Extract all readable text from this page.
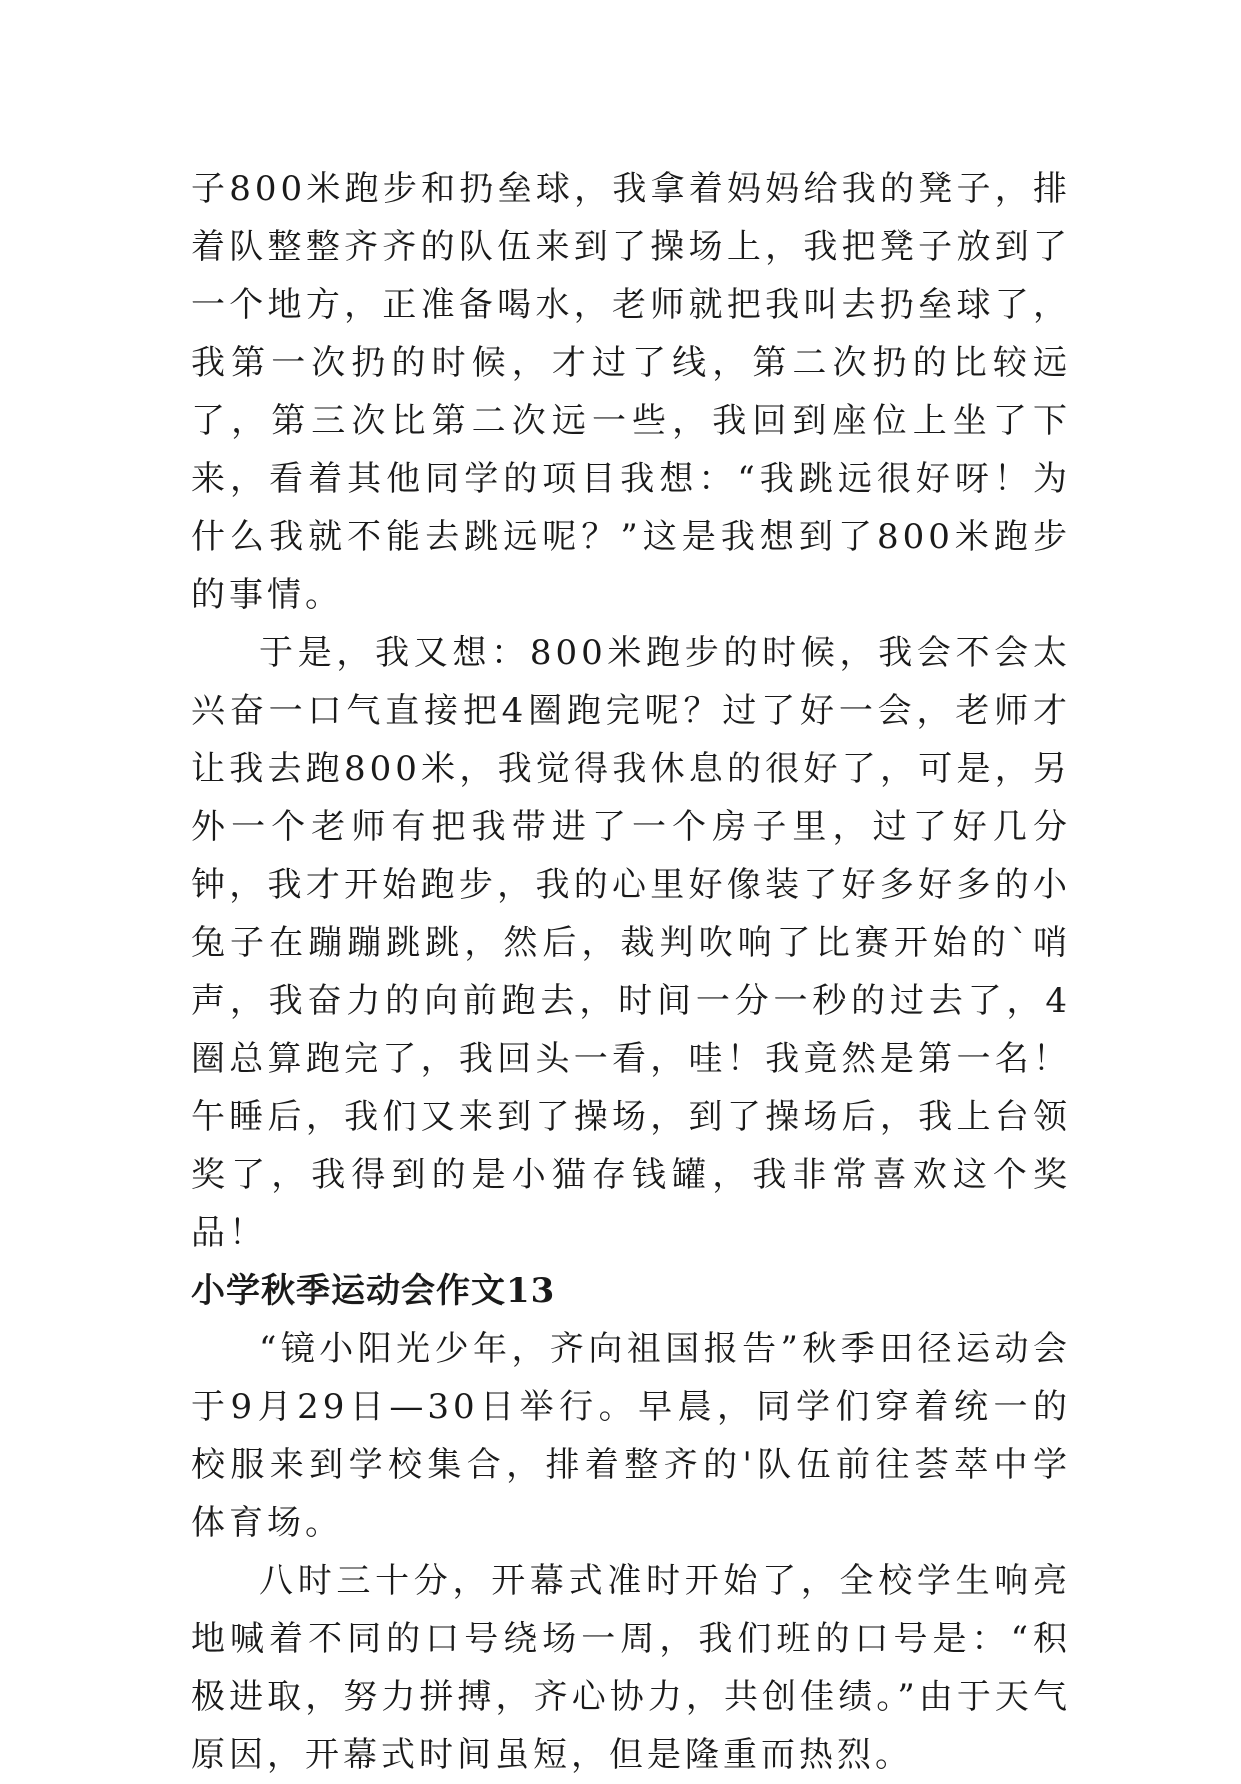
子800米跑步和扔垒球，我拿着妈妈给我的凳子，排着队整整齐齐的队伍来到了操场上，我把凳子放到了一个地方，正准备喝水，老师就把我叫去扔垒球了，我第一次扔的时候，才过了线，第二次扔的比较远了，第三次比第二次远一些，我回到座位上坐了下来，看着其他同学的项目我想：“我跳远很好呀！为什么我就不能去跳远呢？”这是我想到了800米跑步的事情。

于是，我又想：800米跑步的时候，我会不会太兴奋一口气直接把4圈跑完呢？过了好一会，老师才让我去跑800米，我觉得我休息的很好了，可是，另外一个老师有把我带进了一个房子里，过了好几分钟，我才开始跑步，我的心里好像装了好多好多的小兔子在蹦蹦跳跳，然后，裁判吹响了比赛开始的`哨声，我奋力的向前跑去，时间一分一秒的过去了，4圈总算跑完了，我回头一看，哇！我竟然是第一名！午睡后，我们又来到了操场，到了操场后，我上台领奖了，我得到的是小猫存钱罐，我非常喜欢这个奖品！

小学秋季运动会作文13

“镜小阳光少年，齐向祖国报告”秋季田径运动会于9月29日—30日举行。早晨，同学们穿着统一的校服来到学校集合，排着整齐的'队伍前往荟萃中学体育场。

八时三十分，开幕式准时开始了，全校学生响亮地喊着不同的口号绕场一周，我们班的口号是：“积极进取，努力拼搏，齐心协力，共创佳绩。”由于天气原因，开幕式时间虽短，但是隆重而热烈。
